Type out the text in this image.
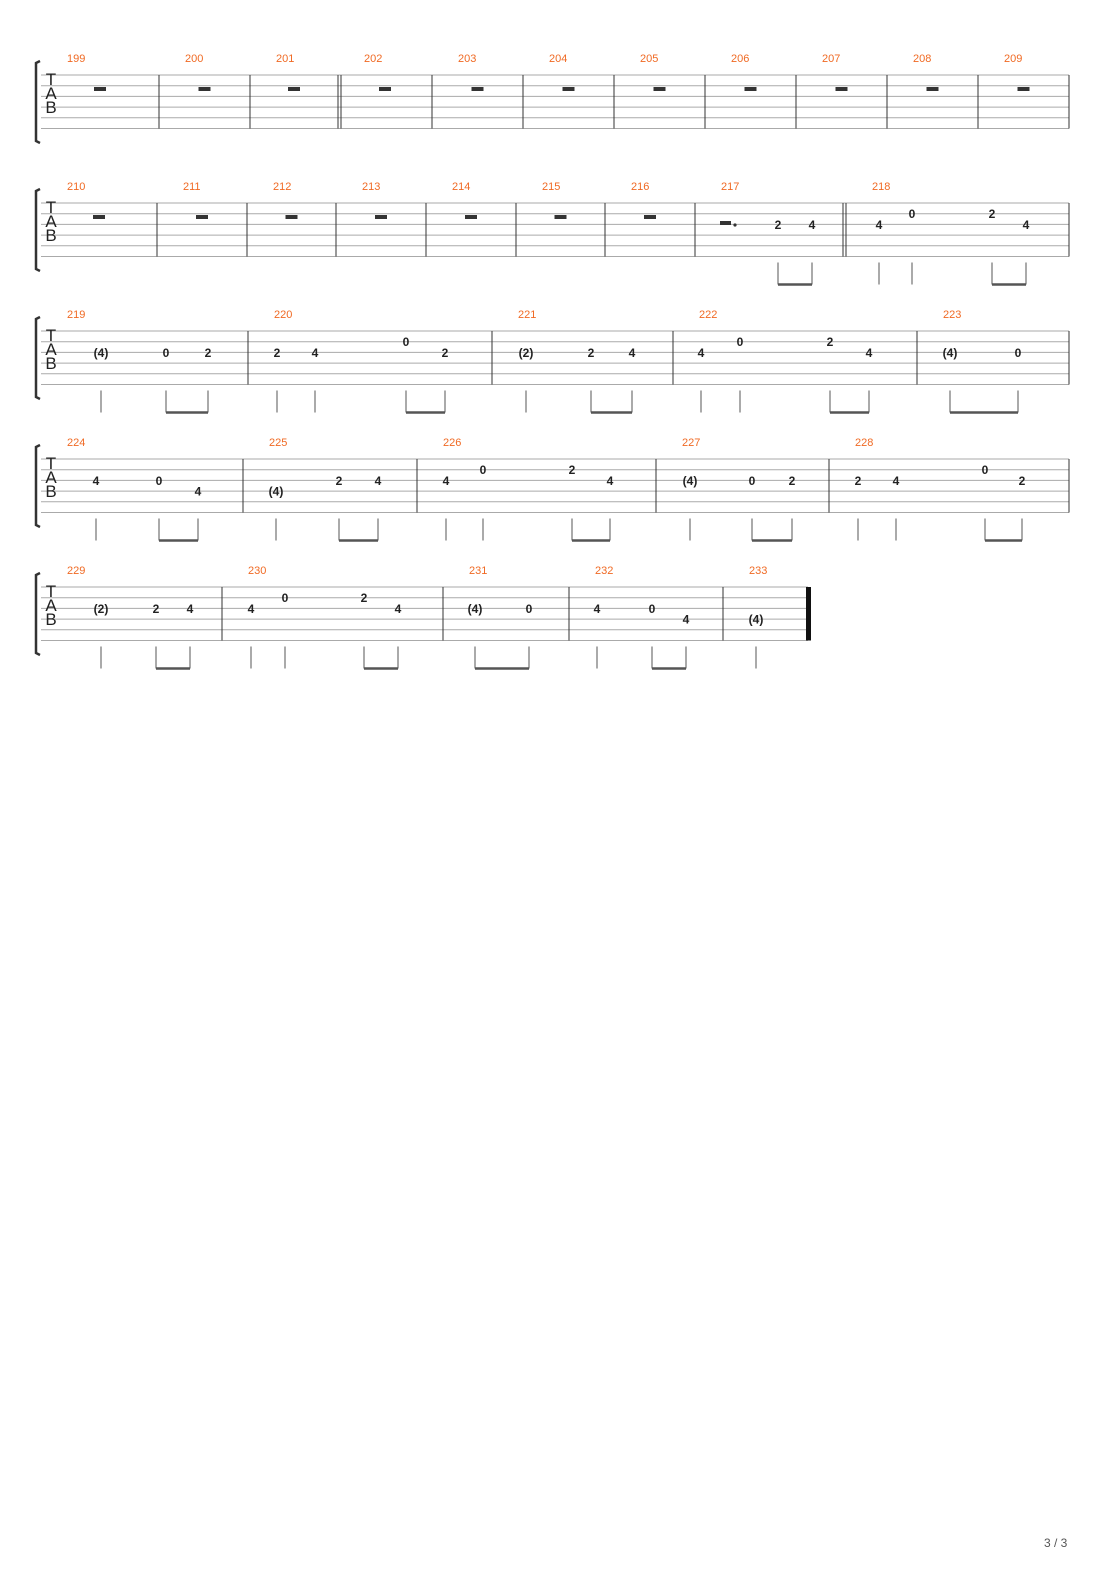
T
A
B
199	200	201	202	203	204	205	206	207	208	209
T
A
B
210	211	212	213	214	215	216	217
2 4
218
4
0	2
4
T
A
B
219
(4)	0	2
220
2	4
0
2
221
(2)	2	4
222
4
0	2
4
223
(4)	0
T
A
B
224
4	0
4
225
(4)
2	4
226
4
0	2
4
227
(4)	0	2
228
2	4
0
2
T
A
B
229
(2)	2 4
230
4
0	2
4
231
(4)	0
232
4	0
4
233
(4)
3 / 3
